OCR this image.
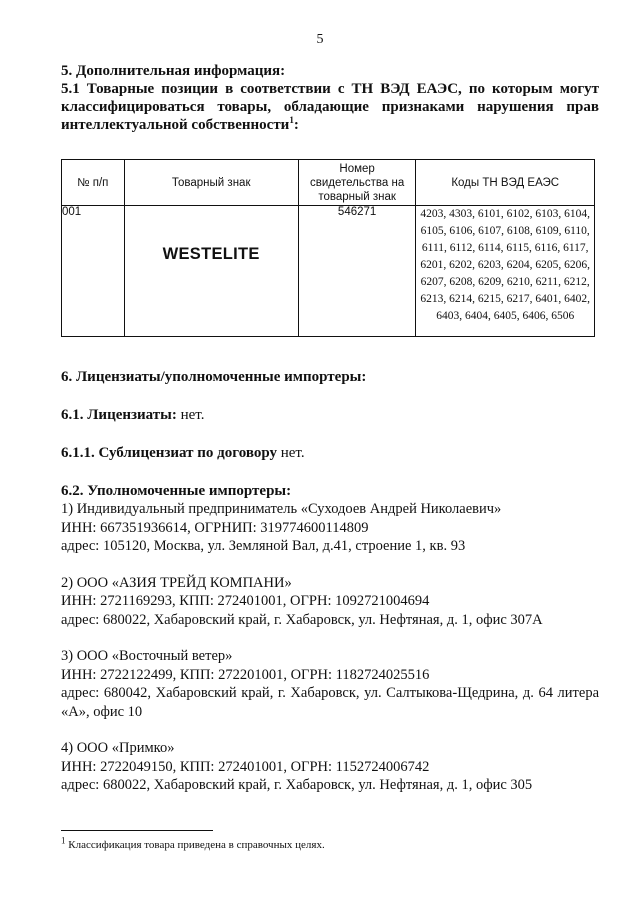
5

5. Дополнительная информация:

5.1 Товарные позиции в соответствии с ТН ВЭД ЕАЭС, по которым могут классифицироваться товары, обладающие признаками нарушения прав интеллектуальной собственности$^1$:

№ п/п	Товарный знак	Номер свидетельства на товарный знак	Коды ТН ВЭД ЕАЭС
001	WESTELITE	546271	4203, 4303, 6101, 6102, 6103, 6104, 6105, 6106, 6107, 6108, 6109, 6110, 6111, 6112, 6114, 6115, 6116, 6117, 6201, 6202, 6203, 6204, 6205, 6206, 6207, 6208, 6209, 6210, 6211, 6212, 6213, 6214, 6215, 6217, 6401, 6402, 6403, 6404, 6405, 6406, 6506

6. Лицензиаты/уполномоченные импортеры:

6.1. Лицензиаты: нет.

6.1.1. Сублицензиат по договору нет.

6.2. Уполномоченные импортеры:

1) Индивидуальный предприниматель «Суходоев Андрей Николаевич»

ИНН: 667351936614, ОГРНИП: 319774600114809

адрес: 105120, Москва, ул. Земляной Вал, д.41, строение 1, кв. 93

2) ООО «АЗИЯ ТРЕЙД КОМПАНИ»

ИНН: 2721169293, КПП: 272401001, ОГРН: 1092721004694

адрес: 680022, Хабаровский край, г. Хабаровск, ул. Нефтяная, д. 1, офис 307А

3) ООО «Восточный ветер»

ИНН: 2722122499, КПП: 272201001, ОГРН: 1182724025516

адрес: 680042, Хабаровский край, г. Хабаровск, ул. Салтыкова-Щедрина, д. 64 литера «А», офис 10

4) ООО «Примко»

ИНН: 2722049150, КПП: 272401001, ОГРН: 1152724006742

адрес: 680022, Хабаровский край, г. Хабаровск, ул. Нефтяная, д. 1, офис 305

$^1$ Классификация товара приведена в справочных целях.
